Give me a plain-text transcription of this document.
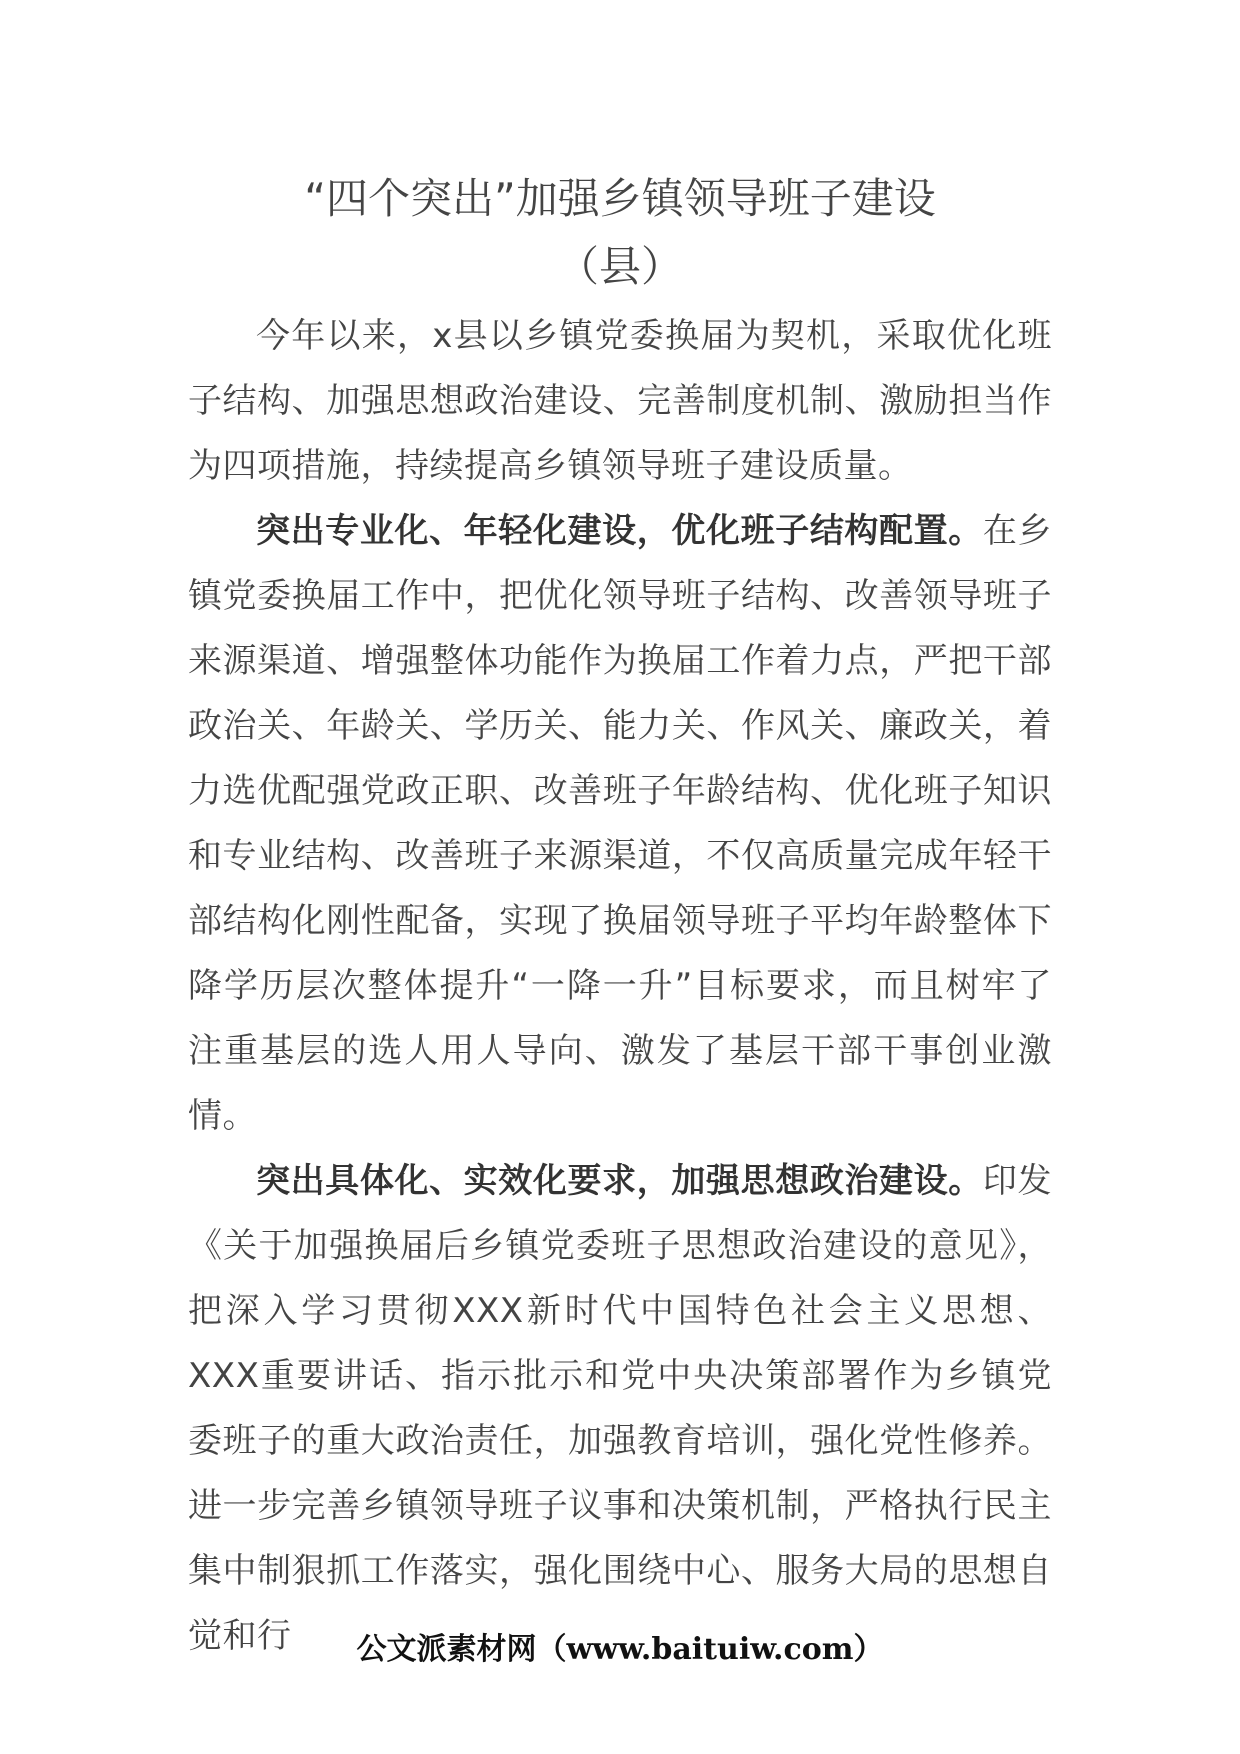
“四个突出”加强乡镇领导班子建设
（县）

今年以来，x县以乡镇党委换届为契机，采取优化班子结构、加强思想政治建设、完善制度机制、激励担当作为四项措施，持续提高乡镇领导班子建设质量。

突出专业化、年轻化建设，优化班子结构配置。在乡镇党委换届工作中，把优化领导班子结构、改善领导班子来源渠道、增强整体功能作为换届工作着力点，严把干部政治关、年龄关、学历关、能力关、作风关、廉政关，着力选优配强党政正职、改善班子年龄结构、优化班子知识和专业结构、改善班子来源渠道，不仅高质量完成年轻干部结构化刚性配备，实现了换届领导班子平均年龄整体下降学历层次整体提升“一降一升”目标要求，而且树牢了注重基层的选人用人导向、激发了基层干部干事创业激情。

突出具体化、实效化要求，加强思想政治建设。印发《关于加强换届后乡镇党委班子思想政治建设的意见》，把深入学习贯彻XXX新时代中国特色社会主义思想、XXX重要讲话、指示批示和党中央决策部署作为乡镇党委班子的重大政治责任，加强教育培训，强化党性修养。进一步完善乡镇领导班子议事和决策机制，严格执行民主集中制狠抓工作落实，强化围绕中心、服务大局的思想自觉和行	公文派素材网（www.baituiw.com）
